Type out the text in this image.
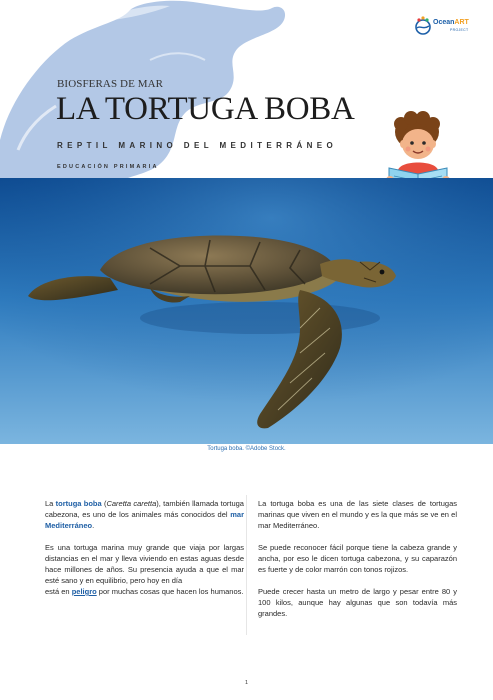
OceanART
PROJECT
BIOSFERAS DE MAR
LA TORTUGA BOBA
REPTIL MARINO DEL MEDITERRÁNEO
EDUCACIÓN PRIMARIA
Tortuga boba. ©Adobe Stock.

La tortuga boba (Caretta caretta), también llamada tortuga cabezona, es uno de los animales más conocidos del mar Mediterráneo.

Es una tortuga marina muy grande que viaja por largas distancias en el mar y lleva viviendo en estas aguas desde hace millones de años. Su presencia ayuda a que el mar esté sano y en equilibrio, pero hoy en día
está en peligro por muchas cosas que hacen los humanos.

La tortuga boba es una de las siete clases de tortugas marinas que viven en el mundo y es la que más se ve en el mar Mediterráneo.

Se puede reconocer fácil porque tiene la cabeza grande y ancha, por eso le dicen tortuga cabezona, y su caparazón es fuerte y de color marrón con tonos rojizos.

Puede crecer hasta un metro de largo y pesar entre 80 y 100 kilos, aunque hay algunas que son todavía más grandes.

1
